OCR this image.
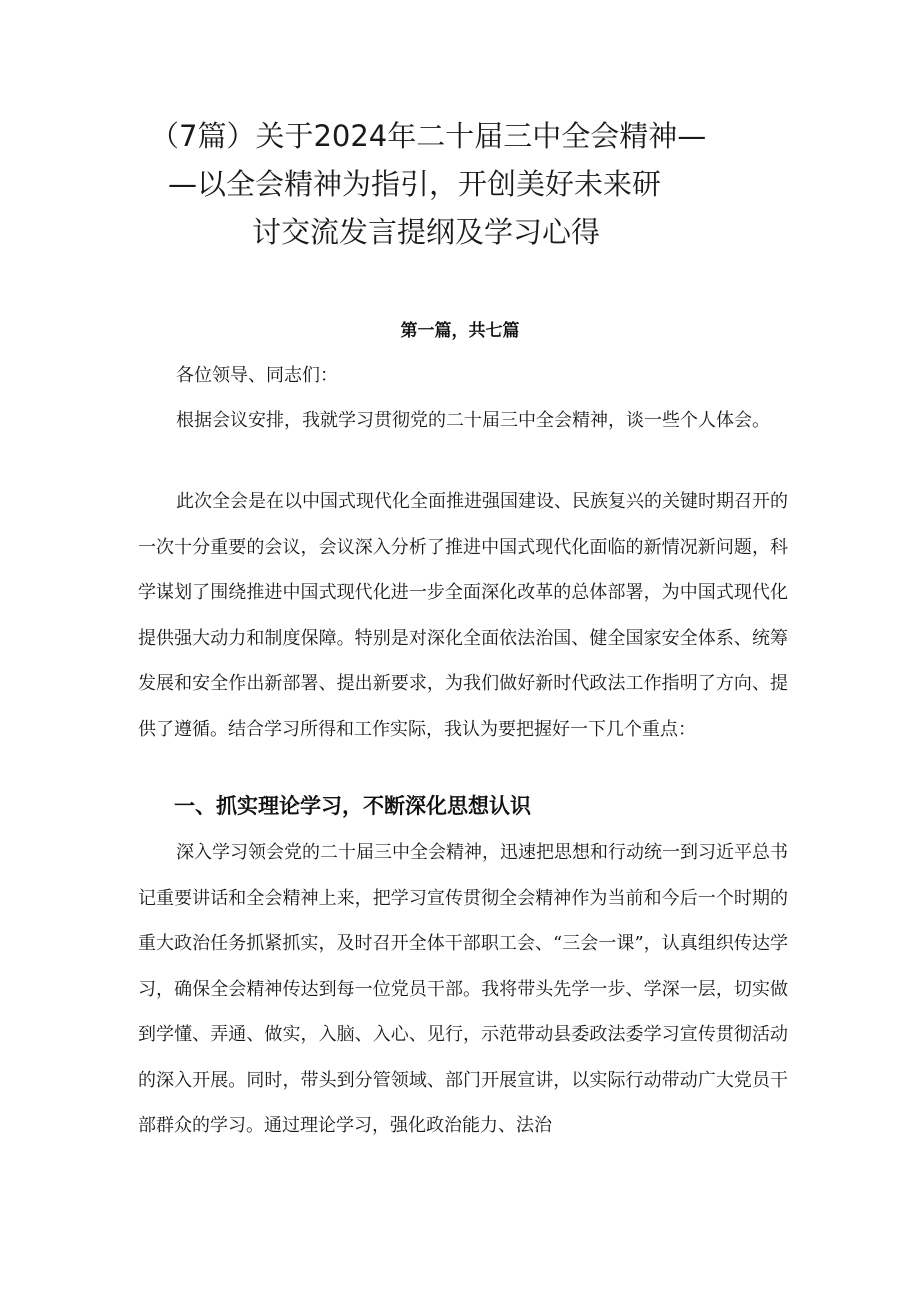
（7篇）关于2024年二十届三中全会精神—
—以全会精神为指引，开创美好未来研
讨交流发言提纲及学习心得
第一篇，共七篇

各位领导、同志们：

根据会议安排，我就学习贯彻党的二十届三中全会精神，谈一些个人体会。

此次全会是在以中国式现代化全面推进强国建设、民族复兴的关键时期召开的一次十分重要的会议，会议深入分析了推进中国式现代化面临的新情况新问题，科学谋划了围绕推进中国式现代化进一步全面深化改革的总体部署，为中国式现代化提供强大动力和制度保障。特别是对深化全面依法治国、健全国家安全体系、统筹发展和安全作出新部署、提出新要求，为我们做好新时代政法工作指明了方向、提供了遵循。结合学习所得和工作实际，我认为要把握好一下几个重点：

一、抓实理论学习，不断深化思想认识

深入学习领会党的二十届三中全会精神，迅速把思想和行动统一到习近平总书记重要讲话和全会精神上来，把学习宣传贯彻全会精神作为当前和今后一个时期的重大政治任务抓紧抓实，及时召开全体干部职工会、“三会一课”，认真组织传达学习，确保全会精神传达到每一位党员干部。我将带头先学一步、学深一层，切实做到学懂、弄通、做实，入脑、入心、见行，示范带动县委政法委学习宣传贯彻活动的深入开展。同时，带头到分管领域、部门开展宣讲，以实际行动带动广大党员干部群众的学习。通过理论学习，强化政治能力、法治
